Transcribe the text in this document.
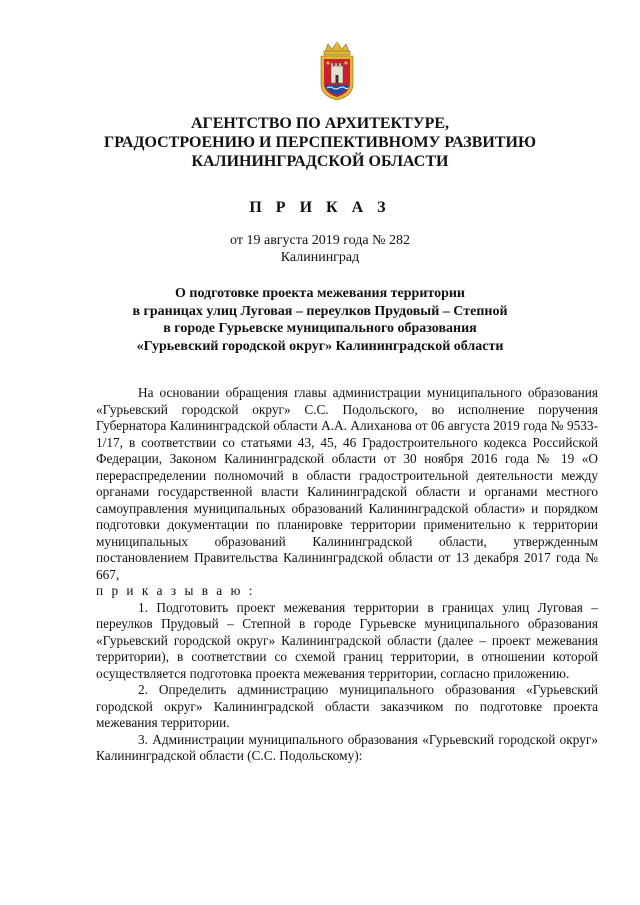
АГЕНТСТВО ПО АРХИТЕКТУРЕ,
ГРАДОСТРОЕНИЮ И ПЕРСПЕКТИВНОМУ РАЗВИТИЮ
КАЛИНИНГРАДСКОЙ ОБЛАСТИ
П Р И К А З
от 19 августа 2019 года № 282
Калининград
О подготовке проекта межевания территории
в границах улиц Луговая – переулков Прудовый – Степной
в городе Гурьевске муниципального образования
«Гурьевский городской округ» Калининградской области

На основании обращения главы администрации муниципального образования «Гурьевский городской округ» С.С. Подольского, во исполнение поручения Губернатора Калининградской области А.А. Алиханова от 06 августа 2019 года № 9533-1/17, в соответствии со статьями 43, 45, 46 Градостроительного кодекса Российской Федерации, Законом Калининградской области от 30 ноября 2016 года № 19 «О перераспределении полномочий в области градостроительной деятельности между органами государственной власти Калининградской области и органами местного самоуправления муниципальных образований Калининградской области» и порядком подготовки документации по планировке территории применительно к территории муниципальных образований Калининградской области, утвержденным постановлением Правительства Калининградской области от 13 декабря 2017 года № 667,

п р и к а з ы в а ю :

1. Подготовить проект межевания территории в границах улиц Луговая – переулков Прудовый – Степной в городе Гурьевске муниципального образования «Гурьевский городской округ» Калининградской области (далее – проект межевания территории), в соответствии со схемой границ территории, в отношении которой осуществляется подготовка проекта межевания территории, согласно приложению.

2. Определить администрацию муниципального образования «Гурьевский городской округ» Калининградской области заказчиком по подготовке проекта межевания территории.

3. Администрации муниципального образования «Гурьевский городской округ» Калининградской области (С.С. Подольскому):
